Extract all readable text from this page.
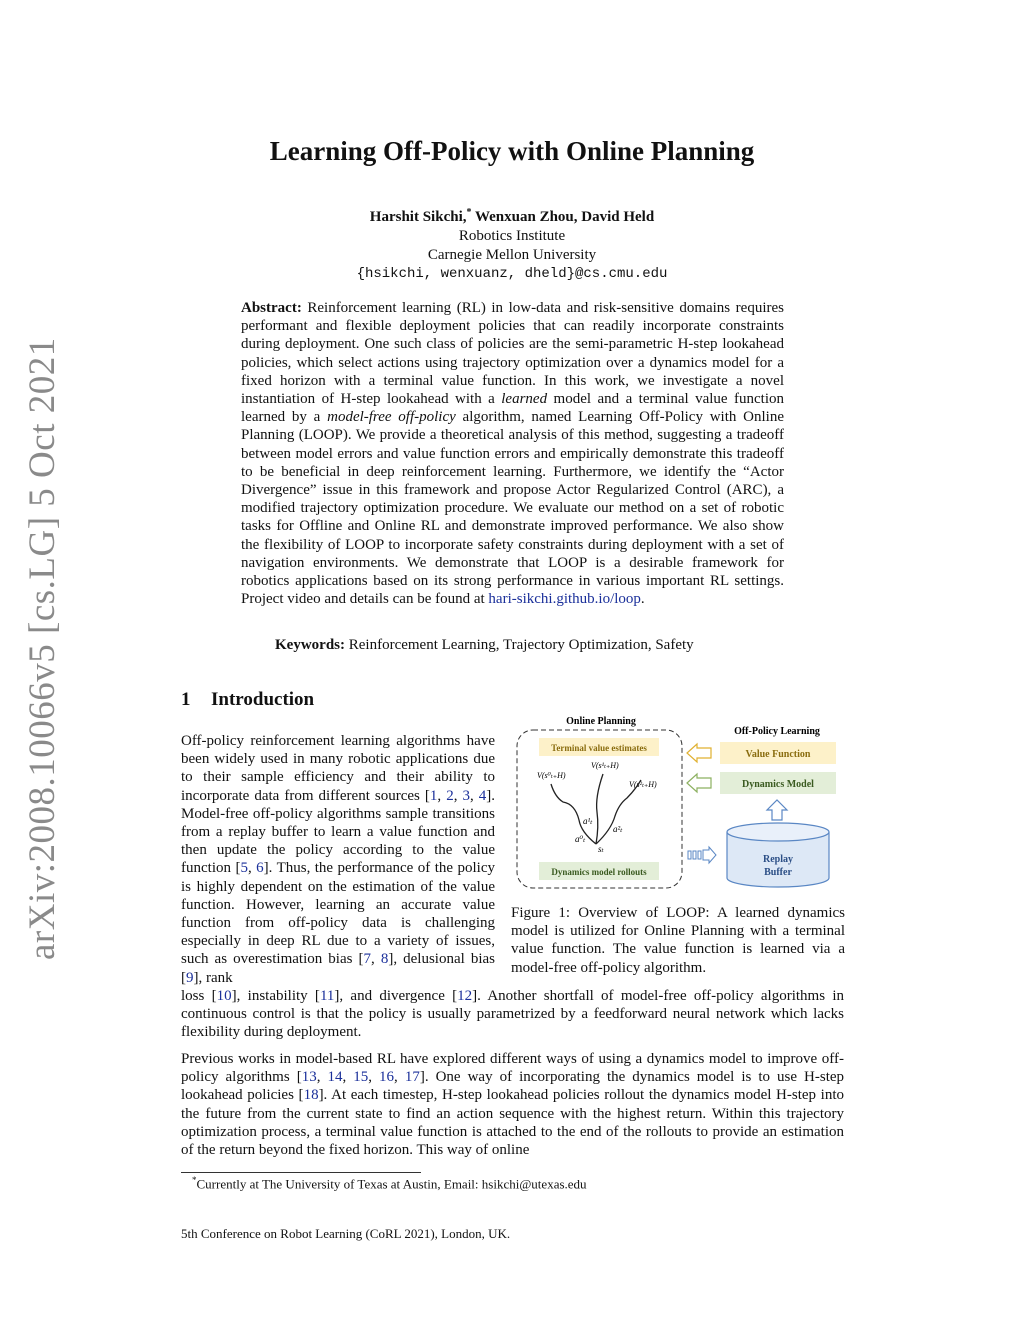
arXiv:2008.10066v5 [cs.LG] 5 Oct 2021
Learning Off-Policy with Online Planning
Harshit Sikchi,* Wenxuan Zhou, David Held
Robotics Institute
Carnegie Mellon University
{hsikchi, wenxuanz, dheld}@cs.cmu.edu
Abstract: Reinforcement learning (RL) in low-data and risk-sensitive domains requires performant and flexible deployment policies that can readily incorporate constraints during deployment. One such class of policies are the semi-parametric H-step lookahead policies, which select actions using trajectory optimization over a dynamics model for a fixed horizon with a terminal value function. In this work, we investigate a novel instantiation of H-step lookahead with a learned model and a terminal value function learned by a model-free off-policy algorithm, named Learning Off-Policy with Online Planning (LOOP). We provide a theoretical analysis of this method, suggesting a tradeoff between model errors and value function errors and empirically demonstrate this tradeoff to be beneficial in deep reinforcement learning. Furthermore, we identify the “Actor Divergence” issue in this framework and propose Actor Regularized Control (ARC), a modified trajectory optimization procedure. We evaluate our method on a set of robotic tasks for Offline and Online RL and demonstrate improved performance. We also show the flexibility of LOOP to incorporate safety constraints during deployment with a set of navigation environments. We demonstrate that LOOP is a desirable framework for robotics applications based on its strong performance in various important RL settings. Project video and details can be found at hari-sikchi.github.io/loop.
Keywords: Reinforcement Learning, Trajectory Optimization, Safety
1 Introduction
Off-policy reinforcement learning algorithms have been widely used in many robotic applications due to their sample efficiency and their ability to incorporate data from different sources [1, 2, 3, 4]. Model-free off-policy algorithms sample transitions from a replay buffer to learn a value function and then update the policy according to the value function [5, 6]. Thus, the performance of the policy is highly dependent on the estimation of the value function. However, learning an accurate value function from off-policy data is challenging especially in deep RL due to a variety of issues, such as overestimation bias [7, 8], delusional bias [9], rank
loss [10], instability [11], and divergence [12]. Another shortfall of model-free off-policy algorithms in continuous control is that the policy is usually parametrized by a feedforward neural network which lacks flexibility during deployment.
Previous works in model-based RL have explored different ways of using a dynamics model to improve off-policy algorithms [13, 14, 15, 16, 17]. One way of incorporating the dynamics model is to use H-step lookahead policies [18]. At each timestep, H-step lookahead policies rollout the dynamics model H-step into the future from the current state to find an action sequence with the highest return. Within this trajectory optimization process, a terminal value function is attached to the end of the rollouts to provide an estimation of the return beyond the fixed horizon. This way of online
Online Planning
Terminal value estimates
V(s⁰ₜ₊H)
V(s¹ₜ₊H)
V(s²ₜ₊H)
a⁰ₜ
a¹ₜ
a²ₜ
sₜ
Dynamics model rollouts
Off-Policy Learning
Value Function
Dynamics Model
Replay
Buffer
Figure 1: Overview of LOOP: A learned dynamics model is utilized for Online Planning with a terminal value function. The value function is learned via a model-free off-policy algorithm.
*Currently at The University of Texas at Austin, Email: hsikchi@utexas.edu
5th Conference on Robot Learning (CoRL 2021), London, UK.
